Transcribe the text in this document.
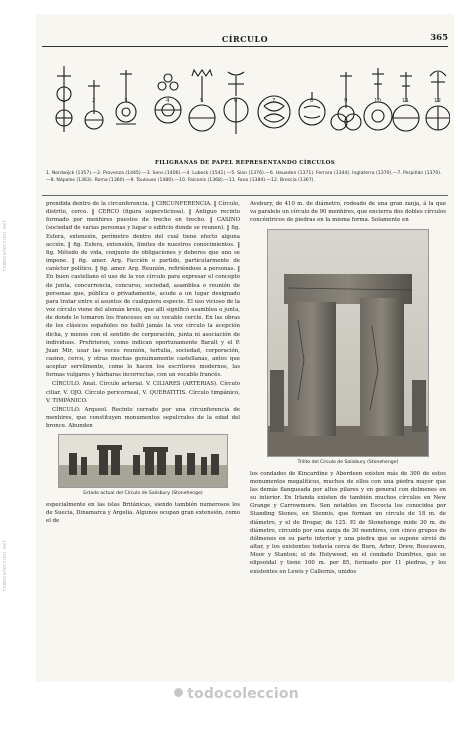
CÍRCULO	365
1	2	3	4	5	6	7	8	9	10	11	12
FILIGRANAS DE PAPEL REPRESENTANDO CÍRCULOS
1. Nordwijck (1357).—2. Provenza (1445).—3. Sens (1406).—4. Lubeck (1541).—5. Sion (1376).—6. Haueden (1371). Ferrara (1344). Inglaterra (1370).—7. Perpiñán (1370).—8. Nápoles (1363). Roma (1360).—9. Toulouse (1480).—10. Falconis (1368).—11. Fano (1384).—12. Brescia (1367).

prendida dentro de la circunferencia. ‖ CIRCUNFERENCIA. ‖ Círculo, distrito, cerco. ‖ CERCO (figura supersticiosa). ‖ Antiguo recinto formado por menhires puestos de trecho en trecho. ‖ CASINO (sociedad de varias personas y lugar o edificio donde se reunen). ‖ fig. Esfera, extensión, perímetro dentro del cual tiene efecto alguna acción. ‖ fig. Esfera, extensión, límites de nuestros conocimientos. ‖ fig. Método de vida, conjunto de obligaciones y deberes que uno se impone. ‖ fig. amer. Arg. Facción o partido, particularmente de carácter político. ‖ fig. amer. Arg. Reunión, refiriéndose a personas. ‖ En buen castellano el uso de la voz círculo para expresar el concepto de junta, concurrencia, concurso, sociedad, asamblea o reunión de personas que, pública o privadamente, acude a un lugar designado para tratar entre sí asuntos de cualquiera especie. El uso vicioso de la voz círculo viene del alemán kreis, que allí significó asamblea o junta, de donde lo tomaron los franceses en su vocablo cercle. En las obras de los clásicos españoles no halló jamás la voz círculo la acepción dicha, y menos con el sentido de corporación, junta ni asociación de individuos. Prefirieron, como indican oportunamente Baralt y el P. Juan Mir, usar las voces reunión, tertulia, sociedad, corporación, casino, cerco, y otras muchas genuinamente castellanas, antes que aceptar servilmente, como lo hacen los escritores modernos, las formas vulgares y bárbaras incorrectas, con un vocablo francés.

CÍRCULO. Anat. Círculo arterial. V. CILIARES (ARTERIAS). Círculo ciliar, V. OJO. Círculo pericorneal, V. QUERATITIS. Círculo timpánico, V. TIMPÁNICO.

CÍRCULO. Arqueol. Recinto cerrado por una circunferencia de menhires, que constituyen monumentos sepulcrales de la edad del bronce. Abunden

Estado actual del Círculo de Salisbury (Stonehenge)

especialmente en las islas Británicas, siendo también numerosos los de Suecia, Dinamarca y Argelia. Algunos ocupan gran extensión, como el de

Avebury, de 410 m. de diámetro, rodeado de una gran zanja, á la que va paralelo un círculo de 90 menhires, que encierra dos dobles círculos concéntricos de piedras en la misma forma. Solamente en

Trilito del Círculo de Salisbury (Stonehenge)

los condados de Kincardine y Aberdeen existen más de 300 de estos monumentos megalíticos, muchos de ellos con una piedra mayor que las demás flanqueada por altos pilares y en general con dolmenes en su interior. En Irlanda existen de también muchos círculos en New Grange y Carrowmore. Son notables en Escocia los conocidos por Standing Stones, en Stennis, que forman un círculo de 18 m. de diámetro, y el de Brogar, de 125. El de Stonehenge mide 30 m. de diámetro, circuido por una zanja de 30 menhires, con cinco grupos de dólmenes en su parte interior y una piedra que se supone sirvió de altar, y los existentes todavía cerca de Burn, Arbor, Drew, Boscawen, Moor y Stanton; el de Holywood, en el condado Dumfries, que se elipsoidal y tiene 100 m. por 85, formado por 11 piedras, y los existentes en Lewis y Callernis, unidos

todocoleccion.net
todocoleccion.net
todocoleccion
